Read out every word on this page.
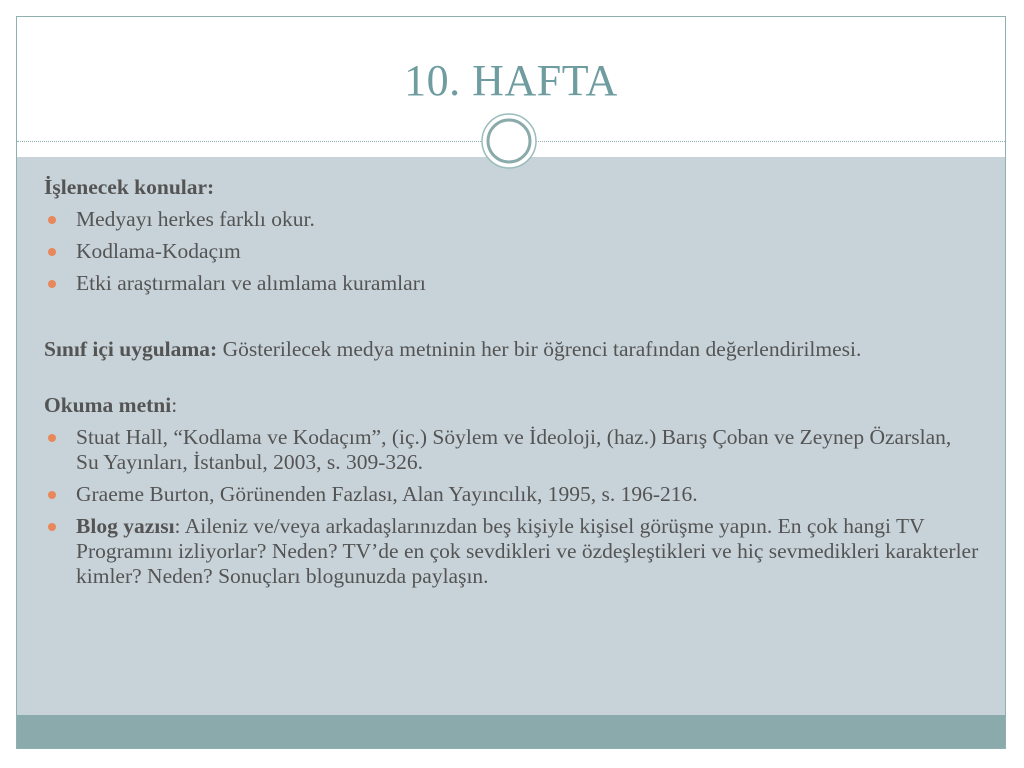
10. HAFTA

İşlenecek konular:

Medyayı herkes farklı okur.
Kodlama-Kodaçım
Etki araştırmaları ve alımlama kuramları

Sınıf içi uygulama: Gösterilecek medya metninin her bir öğrenci tarafından değerlendirilmesi.

Okuma metni:

Stuat Hall, “Kodlama ve Kodaçım”, (iç.) Söylem ve İdeoloji, (haz.) Barış Çoban ve Zeynep Özarslan, Su Yayınları, İstanbul, 2003, s. 309-326.
Graeme Burton, Görünenden Fazlası, Alan Yayıncılık, 1995, s. 196-216.
Blog yazısı: Aileniz ve/veya arkadaşlarınızdan beş kişiyle kişisel görüşme yapın. En çok hangi TV Programını izliyorlar? Neden? TV’de en çok sevdikleri ve özdeşleştikleri ve hiç sevmedikleri karakterler kimler? Neden? Sonuçları blogunuzda paylaşın.
